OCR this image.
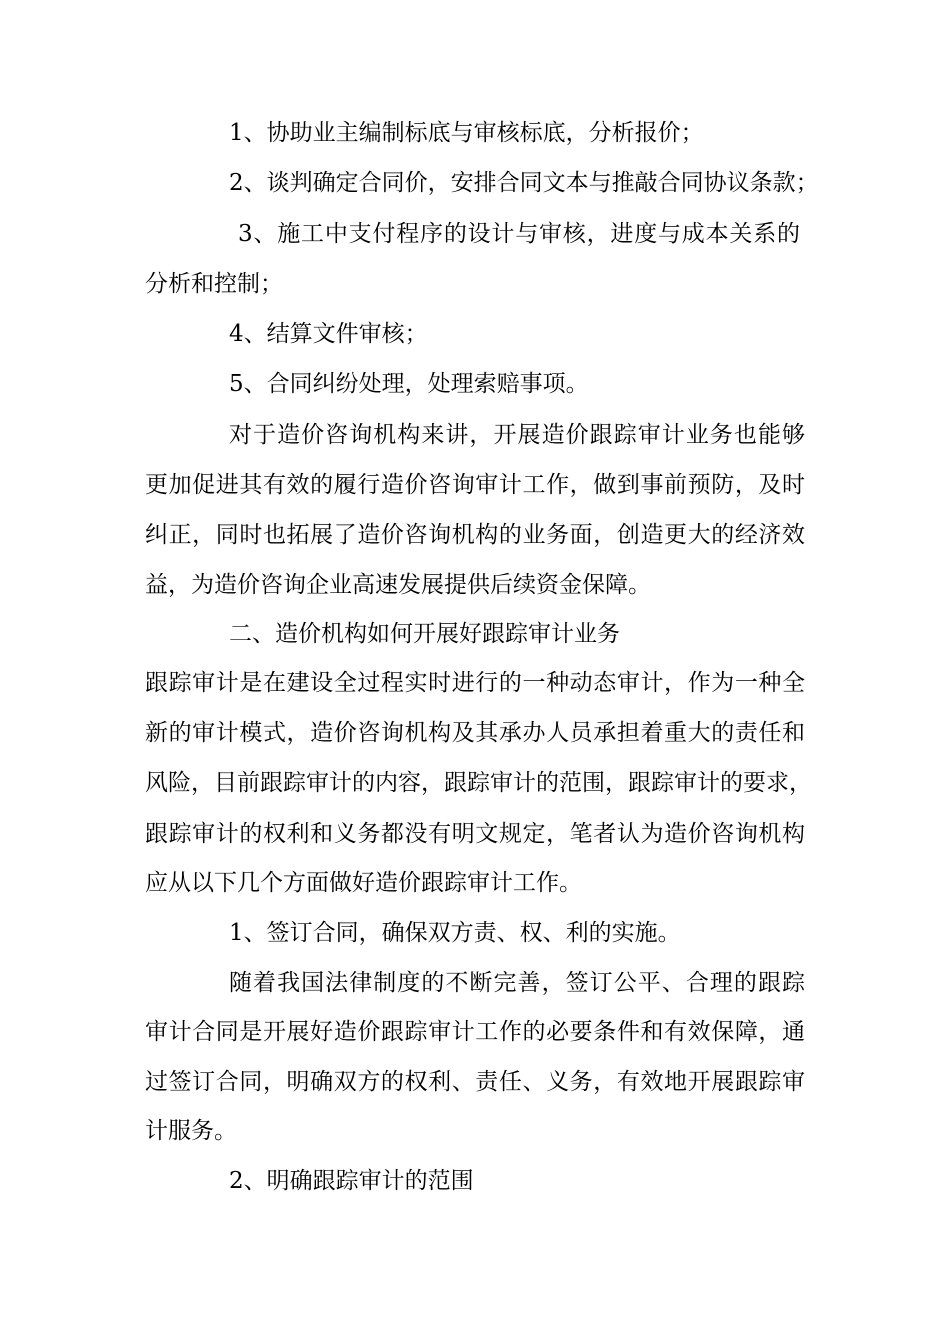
1、协助业主编制标底与审核标底，分析报价；
2、谈判确定合同价，安排合同文本与推敲合同协议条款；
3、施工中支付程序的设计与审核，进度与成本关系的
分析和控制；
4、结算文件审核；
5、合同纠纷处理，处理索赔事项。
对于造价咨询机构来讲，开展造价跟踪审计业务也能够
更加促进其有效的履行造价咨询审计工作，做到事前预防，及时
纠正，同时也拓展了造价咨询机构的业务面，创造更大的经济效
益，为造价咨询企业高速发展提供后续资金保障。
二、造价机构如何开展好跟踪审计业务
跟踪审计是在建设全过程实时进行的一种动态审计，作为一种全
新的审计模式，造价咨询机构及其承办人员承担着重大的责任和
风险，目前跟踪审计的内容，跟踪审计的范围，跟踪审计的要求，
跟踪审计的权利和义务都没有明文规定，笔者认为造价咨询机构
应从以下几个方面做好造价跟踪审计工作。
1、签订合同，确保双方责、权、利的实施。
随着我国法律制度的不断完善，签订公平、合理的跟踪
审计合同是开展好造价跟踪审计工作的必要条件和有效保障，通
过签订合同，明确双方的权利、责任、义务，有效地开展跟踪审
计服务。
2、明确跟踪审计的范围
